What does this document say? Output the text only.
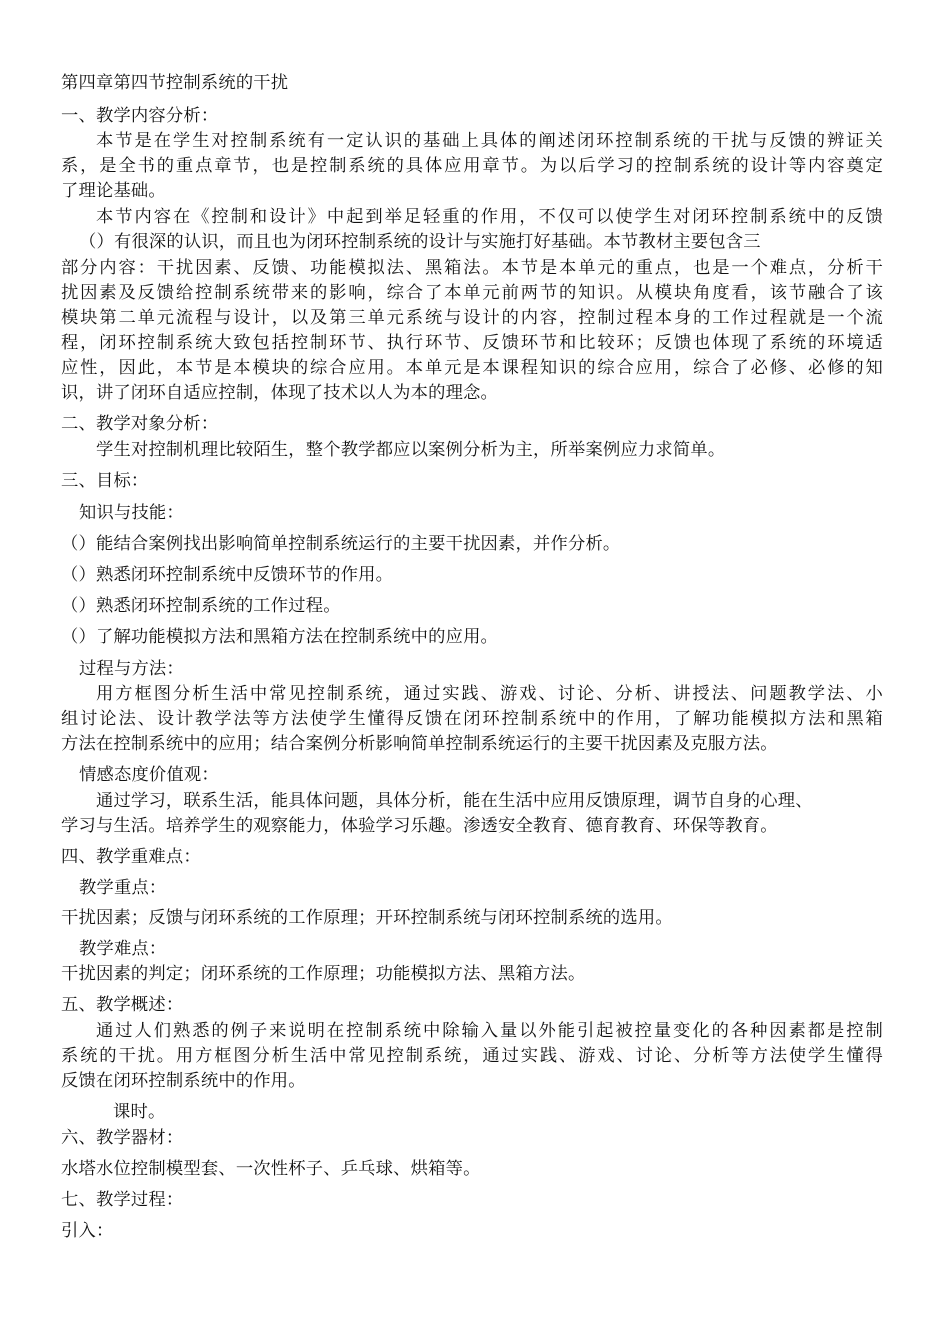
第四章第四节控制系统的干扰
一、教学内容分析：
本节是在学生对控制系统有一定认识的基础上具体的阐述闭环控制系统的干扰与反馈的辨证关
系，是全书的重点章节，也是控制系统的具体应用章节。为以后学习的控制系统的设计等内容奠定
了理论基础。
本节内容在《控制和设计》中起到举足轻重的作用，不仅可以使学生对闭环控制系统中的反馈
（）有很深的认识，而且也为闭环控制系统的设计与实施打好基础。本节教材主要包含三
部分内容：干扰因素、反馈、功能模拟法、黑箱法。本节是本单元的重点，也是一个难点，分析干
扰因素及反馈给控制系统带来的影响，综合了本单元前两节的知识。从模块角度看，该节融合了该
模块第二单元流程与设计，以及第三单元系统与设计的内容，控制过程本身的工作过程就是一个流
程，闭环控制系统大致包括控制环节、执行环节、反馈环节和比较环；反馈也体现了系统的环境适
应性，因此，本节是本模块的综合应用。本单元是本课程知识的综合应用，综合了必修、必修的知
识，讲了闭环自适应控制，体现了技术以人为本的理念。
二、教学对象分析：
学生对控制机理比较陌生，整个教学都应以案例分析为主，所举案例应力求简单。
三、目标：
知识与技能：
（）能结合案例找出影响简单控制系统运行的主要干扰因素，并作分析。
（）熟悉闭环控制系统中反馈环节的作用。
（）熟悉闭环控制系统的工作过程。
（）了解功能模拟方法和黑箱方法在控制系统中的应用。
过程与方法：
用方框图分析生活中常见控制系统，通过实践、游戏、讨论、分析、讲授法、问题教学法、小
组讨论法、设计教学法等方法使学生懂得反馈在闭环控制系统中的作用，了解功能模拟方法和黑箱
方法在控制系统中的应用；结合案例分析影响简单控制系统运行的主要干扰因素及克服方法。
情感态度价值观：
通过学习，联系生活，能具体问题，具体分析，能在生活中应用反馈原理，调节自身的心理、
学习与生活。培养学生的观察能力，体验学习乐趣。渗透安全教育、德育教育、环保等教育。
四、教学重难点：
教学重点：
干扰因素；反馈与闭环系统的工作原理；开环控制系统与闭环控制系统的选用。
教学难点：
干扰因素的判定；闭环系统的工作原理；功能模拟方法、黑箱方法。
五、教学概述：
通过人们熟悉的例子来说明在控制系统中除输入量以外能引起被控量变化的各种因素都是控制
系统的干扰。用方框图分析生活中常见控制系统，通过实践、游戏、讨论、分析等方法使学生懂得
反馈在闭环控制系统中的作用。
课时。
六、教学器材：
水塔水位控制模型套、一次性杯子、乒乓球、烘箱等。
七、教学过程：
引入：
